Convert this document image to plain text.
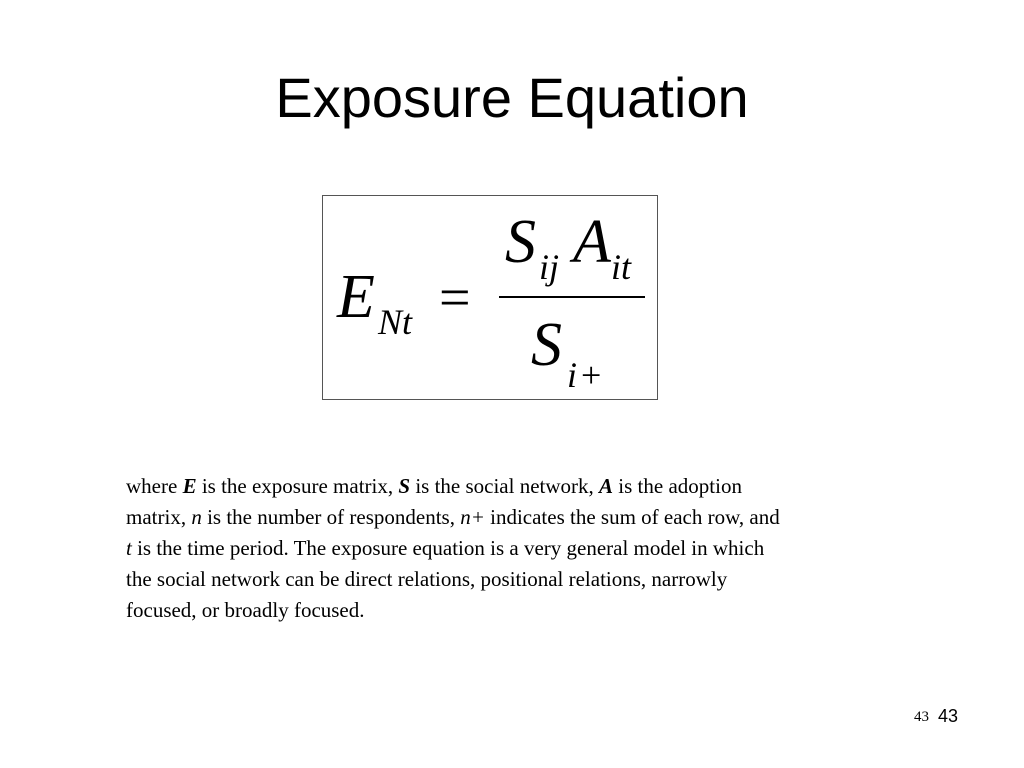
Exposure Equation
E Nt =
S ij A it
S i +

where E is the exposure matrix, S is the social network, A is the adoption

matrix, n is the number of respondents, n+ indicates the sum of each row, and

t is the time period. The exposure equation is a very general model in which

the social network can be direct relations, positional relations, narrowly

focused, or broadly focused.

43 43
